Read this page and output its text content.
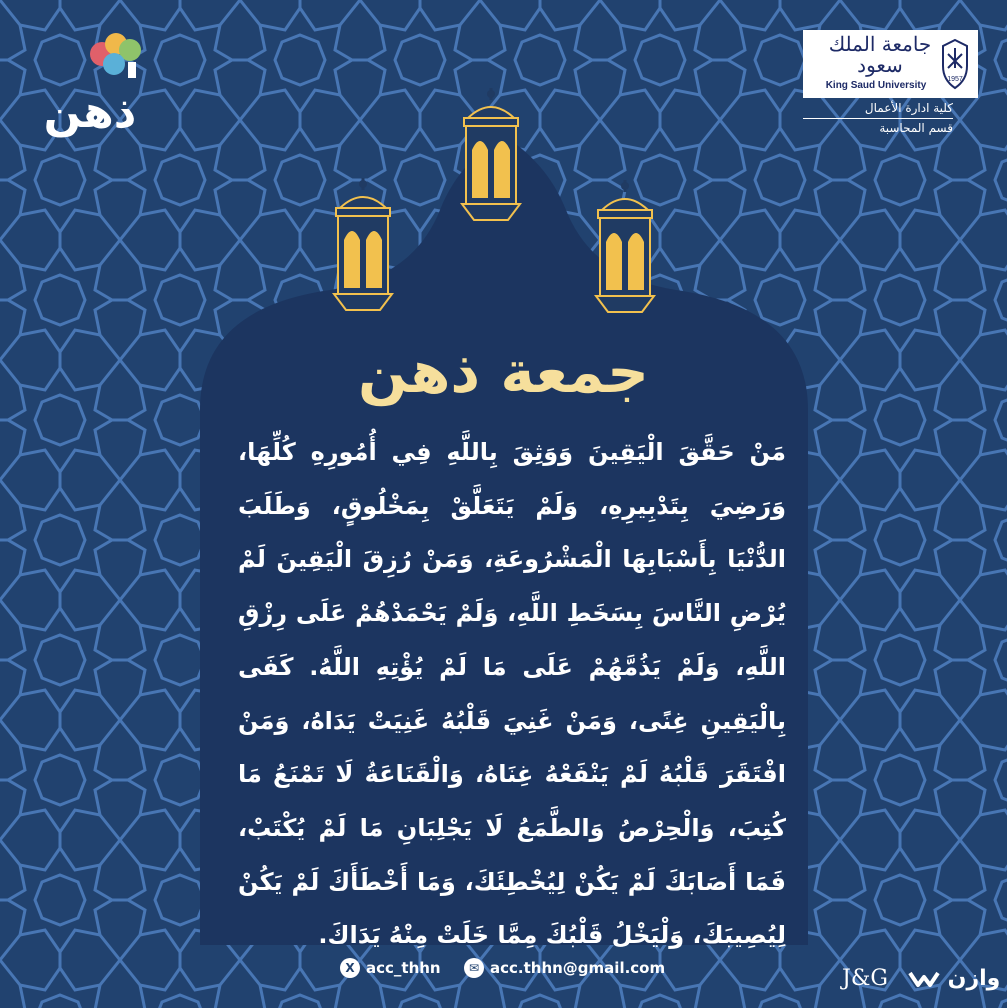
ذهن
جامعة الملك سعود
King Saud University
1957
كلية ادارة الأعمال
قسم المحاسبة
جمعة ذهن
مَنْ حَقَّقَ الْيَقِينَ وَوَثِقَ بِاللَّهِ فِي أُمُورِهِ كُلِّهَا، وَرَضِيَ بِتَدْبِيرِهِ، وَلَمْ يَتَعَلَّقْ بِمَخْلُوقٍ، وَطَلَبَ الدُّنْيَا بِأَسْبَابِهَا الْمَشْرُوعَةِ، وَمَنْ رُزِقَ الْيَقِينَ لَمْ يُرْضِ النَّاسَ بِسَخَطِ اللَّهِ، وَلَمْ يَحْمَدْهُمْ عَلَى رِزْقِ اللَّهِ، وَلَمْ يَذُمَّهُمْ عَلَى مَا لَمْ يُؤْتِهِ اللَّهُ. كَفَى بِالْيَقِينِ غِنًى، وَمَنْ غَنِيَ قَلْبُهُ غَنِيَتْ يَدَاهُ، وَمَنْ افْتَقَرَ قَلْبُهُ لَمْ يَنْفَعْهُ غِنَاهُ، وَالْقَنَاعَةُ لَا تَمْنَعُ مَا كُتِبَ، وَالْحِرْصُ وَالطَّمَعُ لَا يَجْلِبَانِ مَا لَمْ يُكْتَبْ، فَمَا أَصَابَكَ لَمْ يَكُنْ لِيُخْطِئَكَ، وَمَا أَخْطَأَكَ لَمْ يَكُنْ لِيُصِيبَكَ، وَلْيَخْلُ قَلْبُكَ مِمَّا خَلَتْ مِنْهُ يَدَاكَ.
X acc_thhn	✉ acc.thhn@gmail.com	J&G	وازن
